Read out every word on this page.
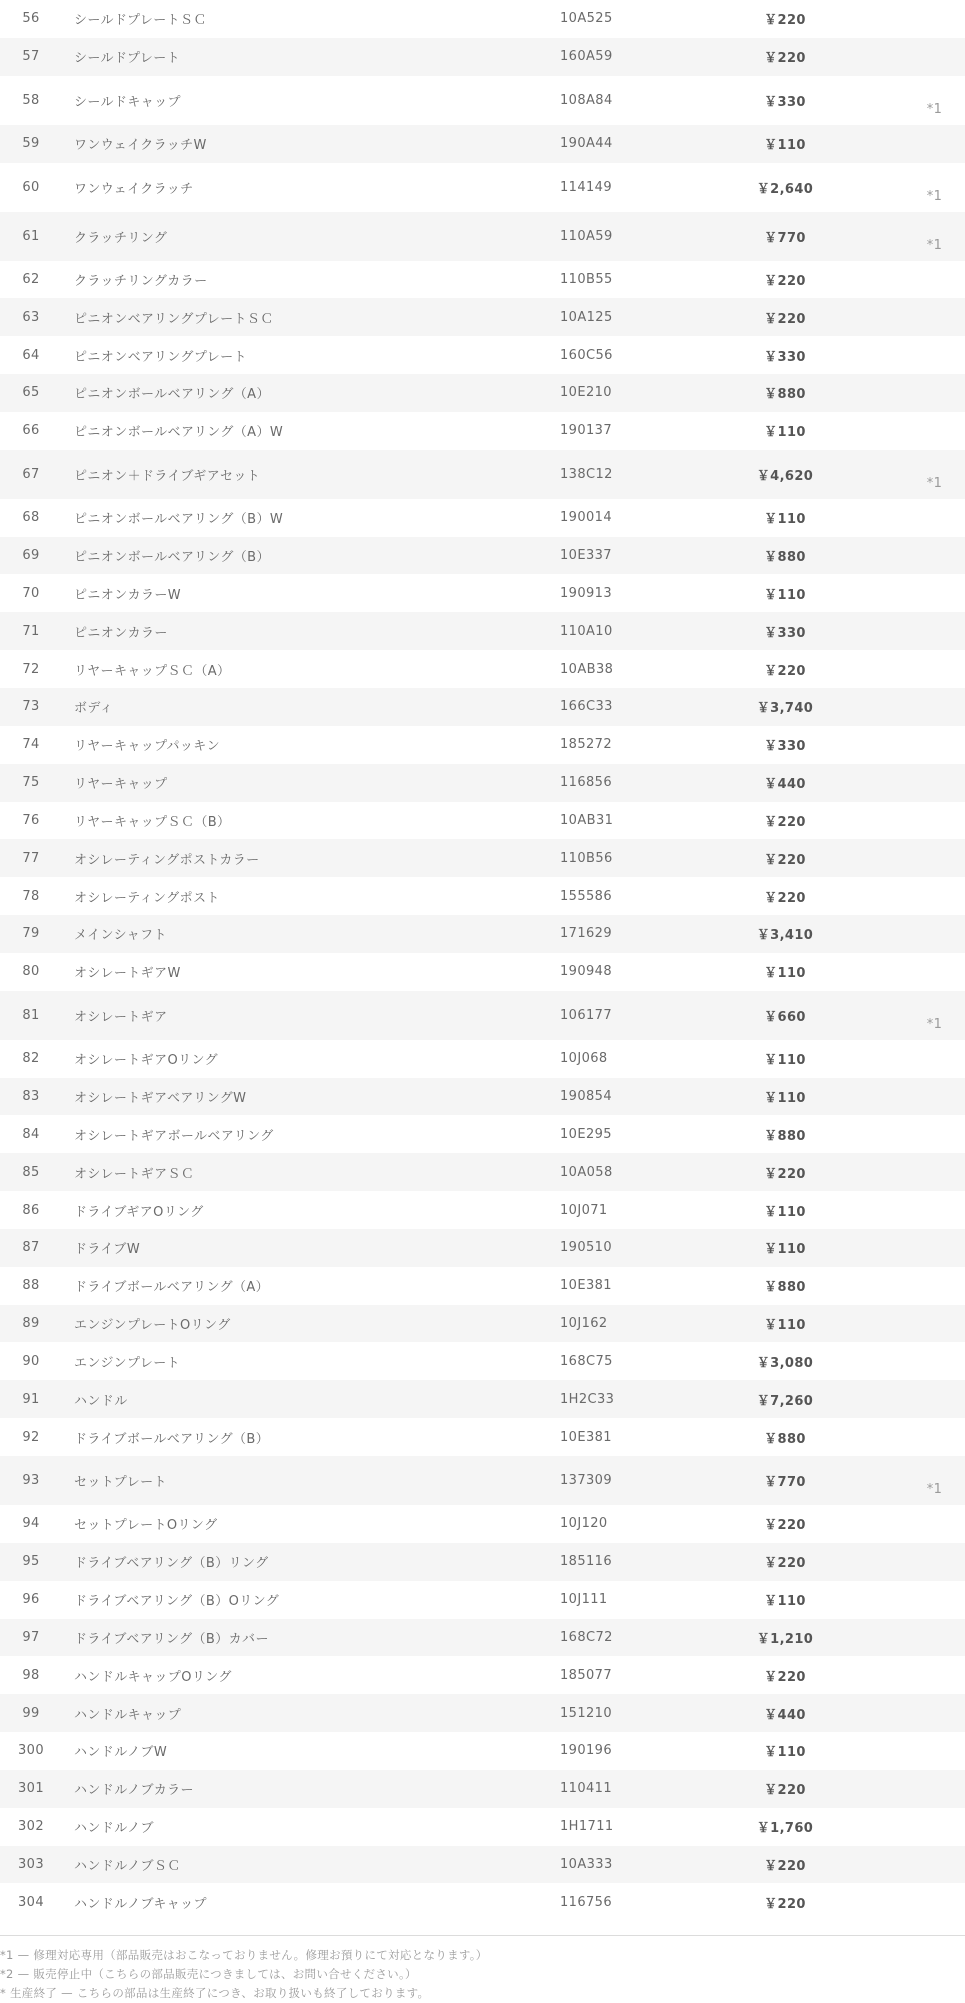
56	シールドプレートＳＣ	10A525	￥220	
57	シールドプレート	160A59	￥220	
58	シールドキャップ	108A84	￥330	*1
59	ワンウェイクラッチW	190A44	￥110	
60	ワンウェイクラッチ	114149	￥2,640	*1
61	クラッチリング	110A59	￥770	*1
62	クラッチリングカラー	110B55	￥220	
63	ピニオンベアリングプレートＳＣ	10A125	￥220	
64	ピニオンベアリングプレート	160C56	￥330	
65	ピニオンボールベアリング（A）	10E210	￥880	
66	ピニオンボールベアリング（A）W	190137	￥110	
67	ピニオン＋ドライブギアセット	138C12	￥4,620	*1
68	ピニオンボールベアリング（B）W	190014	￥110	
69	ピニオンボールベアリング（B）	10E337	￥880	
70	ピニオンカラーW	190913	￥110	
71	ピニオンカラー	110A10	￥330	
72	リヤーキャップＳＣ（A）	10AB38	￥220	
73	ボディ	166C33	￥3,740	
74	リヤーキャップパッキン	185272	￥330	
75	リヤーキャップ	116856	￥440	
76	リヤーキャップＳＣ（B）	10AB31	￥220	
77	オシレーティングポストカラー	110B56	￥220	
78	オシレーティングポスト	155586	￥220	
79	メインシャフト	171629	￥3,410	
80	オシレートギアW	190948	￥110	
81	オシレートギア	106177	￥660	*1
82	オシレートギアOリング	10J068	￥110	
83	オシレートギアベアリングW	190854	￥110	
84	オシレートギアボールベアリング	10E295	￥880	
85	オシレートギアＳＣ	10A058	￥220	
86	ドライブギアOリング	10J071	￥110	
87	ドライブW	190510	￥110	
88	ドライブボールベアリング（A）	10E381	￥880	
89	エンジンプレートOリング	10J162	￥110	
90	エンジンプレート	168C75	￥3,080	
91	ハンドル	1H2C33	￥7,260	
92	ドライブボールベアリング（B）	10E381	￥880	
93	セットプレート	137309	￥770	*1
94	セットプレートOリング	10J120	￥220	
95	ドライブベアリング（B）リング	185116	￥220	
96	ドライブベアリング（B）Oリング	10J111	￥110	
97	ドライブベアリング（B）カバー	168C72	￥1,210	
98	ハンドルキャップOリング	185077	￥220	
99	ハンドルキャップ	151210	￥440	
300	ハンドルノブW	190196	￥110	
301	ハンドルノブカラー	110411	￥220	
302	ハンドルノブ	1H1711	￥1,760	
303	ハンドルノブＳＣ	10A333	￥220	
304	ハンドルノブキャップ	116756	￥220	
*1 — 修理対応専用（部品販売はおこなっておりません。修理お預りにて対応となります。）
*2 — 販売停止中（こちらの部品販売につきましては、お問い合せください。）
* 生産終了 — こちらの部品は生産終了につき、お取り扱いも終了しております。
